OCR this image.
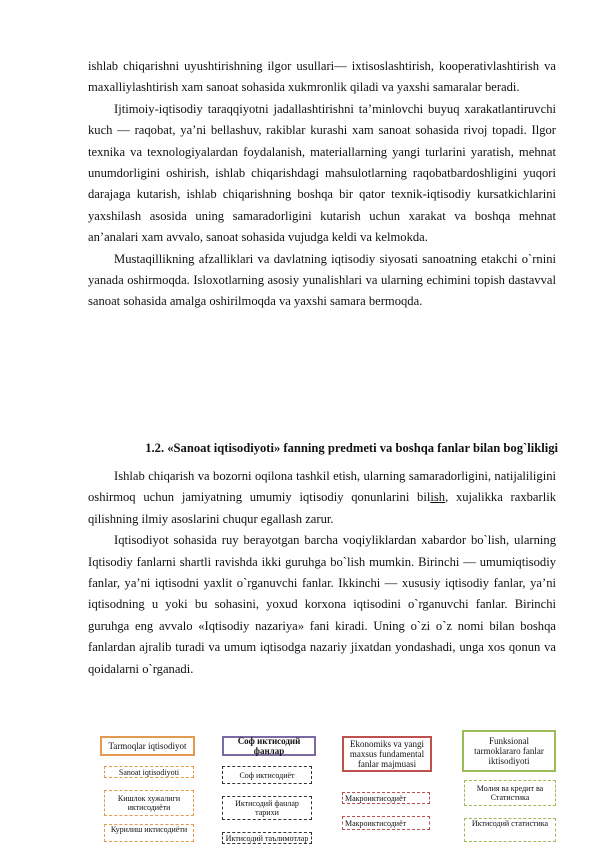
ishlab chiqarishni uyushtirishning ilgor usullari— ixtisoslashtirish, kooperativlashtirish va maxalliylashtirish xam sanoat sohasida xukmronlik qiladi va yaxshi samaralar beradi.

Ijtimoiy-iqtisodiy taraqqiyotni jadallashtirishni ta’minlovchi buyuq xarakatlantiruvchi kuch — raqobat, ya’ni bellashuv, rakiblar kurashi xam sanoat sohasida rivoj topadi. Ilgor texnika va texnologiyalardan foydalanish, materiallarning yangi turlarini yaratish, mehnat unumdorligini oshirish, ishlab chiqarishdagi mahsulotlarning raqobatbardoshligini yuqori darajaga kutarish, ishlab chiqarishning boshqa bir qator texnik-iqtisodiy kursatkichlarini yaxshilash asosida uning samaradorligini kutarish uchun xarakat va boshqa mehnat an’analari xam avvalo, sanoat sohasida vujudga keldi va kelmokda.

Mustaqillikning afzalliklari va davlatning iqtisodiy siyosati sanoatning etakchi o`rnini yanada oshirmoqda. Isloxotlarning asosiy yunalishlari va ularning echimini topish dastavval sanoat sohasida amalga oshirilmoqda va yaxshi samara bermoqda.

1.2. «Sanoat iqtisodiyoti» fanning predmeti va boshqa fanlar bilan bog`likligi

Ishlab chiqarish va bozorni oqilona tashkil etish, ularning samaradorligini, natijaliligini oshirmoq uchun jamiyatning umumiy iqtisodiy qonunlarini bilish, xujalikka raxbarlik qilishning ilmiy asoslarini chuqur egallash zarur.

Iqtisodiyot sohasida ruy berayotgan barcha voqiyliklardan xabardor bo`lish, ularning Iqtisodiy fanlarni shartli ravishda ikki guruhga bo`lish mumkin. Birinchi — umumiqtisodiy fanlar, ya’ni iqtisodni yaxlit o`rganuvchi fanlar. Ikkinchi — xususiy iqtisodiy fanlar, ya’ni iqtisodning u yoki bu sohasini, yoxud korxona iqtisodini o`rganuvchi fanlar. Birinchi guruhga eng avvalo «Iqtisodiy nazariya» fani kiradi. Uning o`zi o`z nomi bilan boshqa fanlardan ajralib turadi va umum iqtisodga nazariy jixatdan yondashadi, unga xos qonun va qoidalarni o`rganadi.

Tarmoqlar iqtisodiyot
Sanoat iqtisodiyoti
Кишлок хужалиги иктисодиёти
Курилиш иктисодиёти
Соф иктисодий фанлар
Соф иктисодиёт
Иктисодий фанлар тарихи
Иктисодий таълимотлар
Ekonomiks va yangi maxsus fundamental fanlar majmuasi
Макроиктисодиёт
Макроиктисодиёт
Funksional tarmoklararo fanlar iktisodiyoti
Молия ва кредит ва Статистика
Иктисодий статистика
